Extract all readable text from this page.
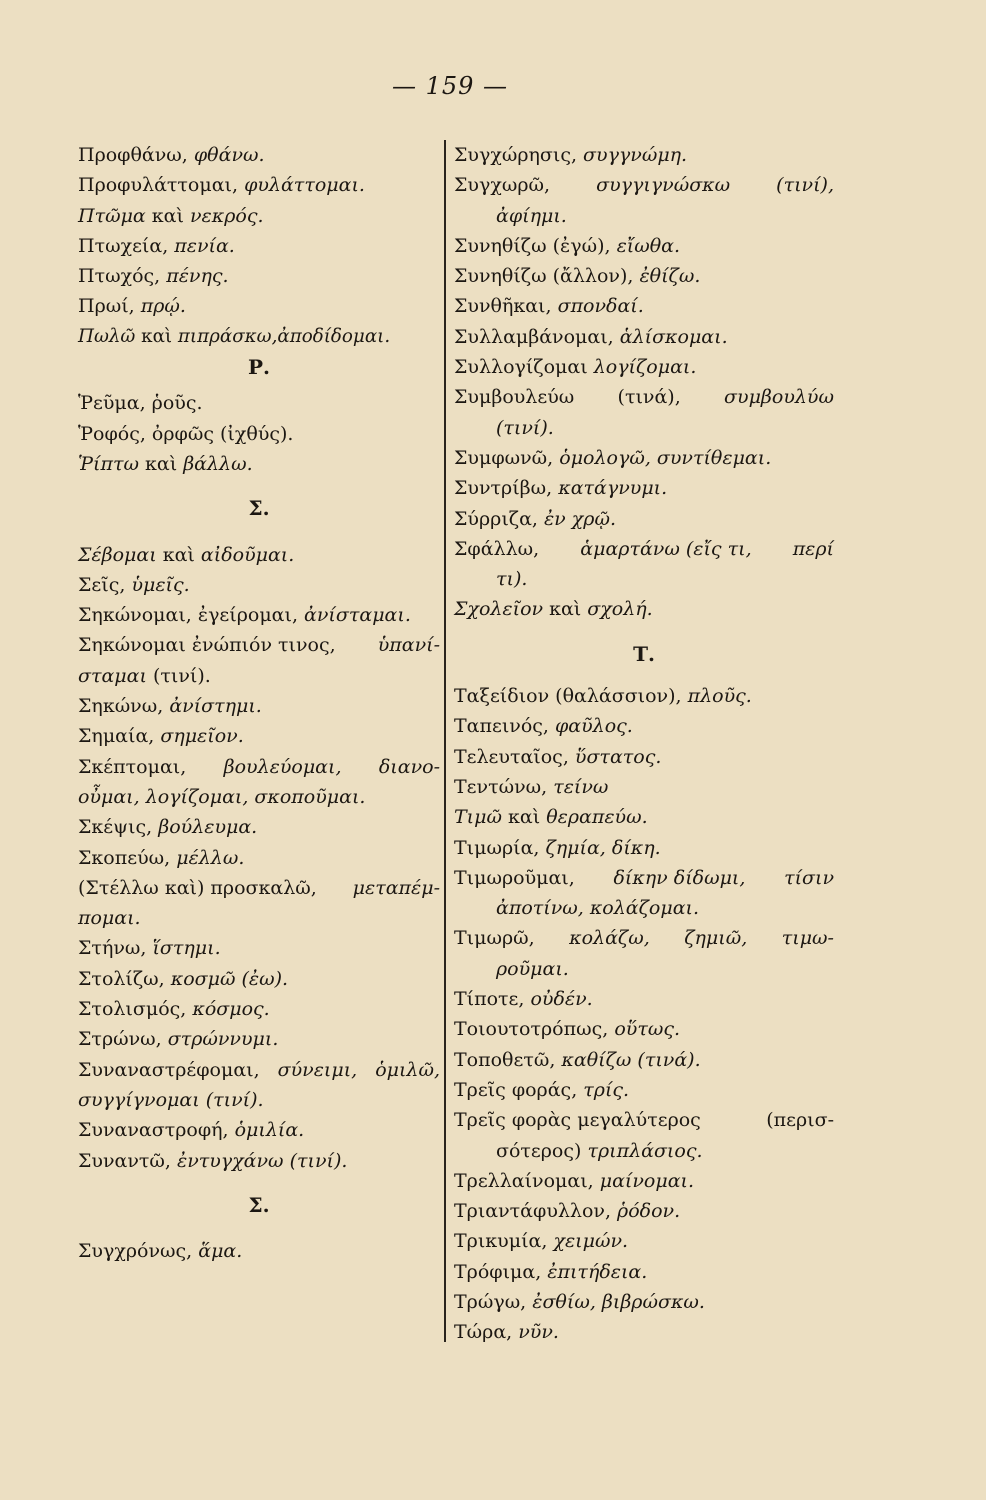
— 159 —
Προφθάνω, φθάνω.
Προφυλάττομαι, φυλάττομαι.
Πτῶμα καὶ νεκρός.
Πτωχεία, πενία.
Πτωχός, πένης.
Πρωί, πρῴ.
Πωλῶ καὶ πιπράσκω,ἀποδίδομαι.
Ρ.
Ῥεῦμα, ῥοῦς.
Ῥοφός, ὀρφῶς (ἰχθύς).
Ῥίπτω καὶ βάλλω.
Σ.
Σέβομαι καὶ αἰδοῦμαι.
Σεῖς, ὑμεῖς.
Σηκώνομαι, ἐγείρομαι, ἀνίσταμαι.
Σηκώνομαι ἐνώπιόν τινος, ὑπανί-
σταμαι (τινί).
Σηκώνω, ἀνίστημι.
Σημαία, σημεῖον.
Σκέπτομαι, βουλεύομαι, διανο-
οὖμαι, λογίζομαι, σκοποῦμαι.
Σκέψις, βούλευμα.
Σκοπεύω, μέλλω.
(Στέλλω καὶ) προσκαλῶ, μεταπέμ-
πομαι.
Στήνω, ἵστημι.
Στολίζω, κοσμῶ (ἐω).
Στολισμός, κόσμος.
Στρώνω, στρώννυμι.
Συναναστρέφομαι, σύνειμι, ὁμιλῶ,
συγγίγνομαι (τινί).
Συναναστροφή, ὁμιλία.
Συναντῶ, ἐντυγχάνω (τινί).
Σ.
Συγχρόνως, ἅμα.
Συγχώρησις, συγγνώμη.
Συγχωρῶ, συγγιγνώσκω (τινί),
ἀφίημι.
Συνηθίζω (ἐγώ), εἴωθα.
Συνηθίζω (ἄλλον), ἐθίζω.
Συνθῆκαι, σπονδαί.
Συλλαμβάνομαι, ἁλίσκομαι.
Συλλογίζομαι λογίζομαι.
Συμβουλεύω (τινά), συμβουλύω
(τινί).
Συμφωνῶ, ὁμολογῶ, συντίθεμαι.
Συντρίβω, κατάγνυμι.
Σύρριζα, ἐν χρῷ.
Σφάλλω, ἁμαρτάνω (εἴς τι, περί
τι).
Σχολεῖον καὶ σχολή.
Τ.
Ταξείδιον (θαλάσσιον), πλοῦς.
Ταπεινός, φαῦλος.
Τελευταῖος, ὕστατος.
Τεντώνω, τείνω
Τιμῶ καὶ θεραπεύω.
Τιμωρία, ζημία, δίκη.
Τιμωροῦμαι, δίκην δίδωμι, τίσιν
ἀποτίνω, κολάζομαι.
Τιμωρῶ, κολάζω, ζημιῶ, τιμω-
ροῦμαι.
Τίποτε, οὐδέν.
Τοιουτοτρόπως, οὕτως.
Τοποθετῶ, καθίζω (τινά).
Τρεῖς φοράς, τρίς.
Τρεῖς φορὰς μεγαλύτερος	(περισ-
σότερος) τριπλάσιος.
Τρελλαίνομαι, μαίνομαι.
Τριαντάφυλλον, ῥόδον.
Τρικυμία, χειμών.
Τρόφιμα, ἐπιτήδεια.
Τρώγω, ἐσθίω, βιβρώσκω.
Τώρα, νῦν.
